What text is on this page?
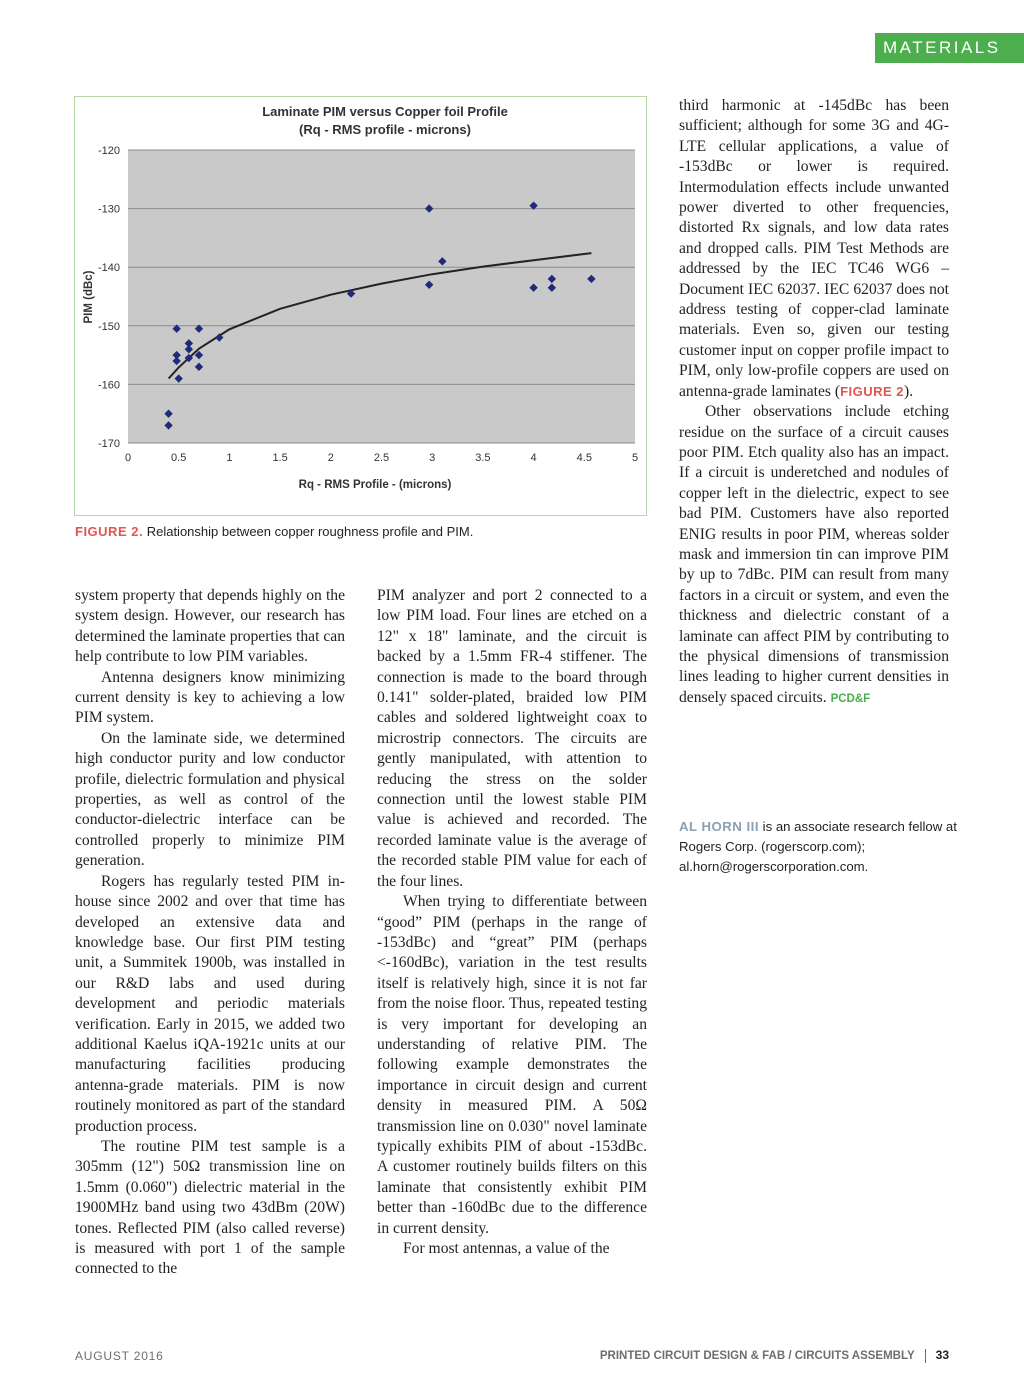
MATERIALS
Laminate PIM versus Copper foil Profile
(Rq - RMS profile - microns)
-120
-130
-140
-150
-160
-170
0	0.5	1	1.5	2	2.5	3	3.5	4	4.5	5
Rq - RMS Profile - (microns)
PIM (dBc)
FIGURE 2. Relationship between copper roughness profile and PIM.

system property that depends highly on the system design. However, our research has determined the laminate properties that can help contribute to low PIM variables.

Antenna designers know minimizing current density is key to achieving a low PIM system.

On the laminate side, we determined high conductor purity and low conductor profile, dielectric formulation and physical properties, as well as control of the conductor-dielectric interface can be controlled properly to minimize PIM generation.

Rogers has regularly tested PIM in-house since 2002 and over that time has developed an extensive data and knowledge base. Our first PIM testing unit, a Summitek 1900b, was installed in our R&D labs and used during development and periodic materials verification. Early in 2015, we added two additional Kaelus iQA-1921c units at our manufacturing facilities producing antenna-grade materials. PIM is now routinely monitored as part of the standard production process.

The routine PIM test sample is a 305mm (12") 50Ω transmission line on 1.5mm (0.060") dielectric material in the 1900MHz band using two 43dBm (20W) tones. Reflected PIM (also called reverse) is measured with port 1 of the sample connected to the

PIM analyzer and port 2 connected to a low PIM load. Four lines are etched on a 12" x 18" laminate, and the circuit is backed by a 1.5mm FR-4 stiffener. The connection is made to the board through 0.141" solder-plated, braided low PIM cables and soldered lightweight coax to microstrip connectors. The circuits are gently manipulated, with attention to reducing the stress on the solder connection until the lowest stable PIM value is achieved and recorded. The recorded laminate value is the average of the recorded stable PIM value for each of the four lines.

When trying to differentiate between “good” PIM (perhaps in the range of -153dBc) and “great” PIM (perhaps <-160dBc), variation in the test results itself is relatively high, since it is not far from the noise floor. Thus, repeated testing is very important for developing an understanding of relative PIM. The following example demonstrates the importance in circuit design and current density in measured PIM. A 50Ω transmission line on 0.030" novel laminate typically exhibits PIM of about -153dBc. A customer routinely builds filters on this laminate that consistently exhibit PIM better than -160dBc due to the difference in current density.

For most antennas, a value of the

third harmonic at -145dBc has been sufficient; although for some 3G and 4G-LTE cellular applications, a value of -153dBc or lower is required. Intermodulation effects include unwanted power diverted to other frequencies, distorted Rx signals, and low data rates and dropped calls. PIM Test Methods are addressed by the IEC TC46 WG6 – Document IEC 62037. IEC 62037 does not address testing of copper-clad laminate materials. Even so, given our testing customer input on copper profile impact to PIM, only low-profile coppers are used on antenna-grade laminates (FIGURE 2).

Other observations include etching residue on the surface of a circuit causes poor PIM. Etch quality also has an impact. If a circuit is underetched and nodules of copper left in the dielectric, expect to see bad PIM. Customers have also reported ENIG results in poor PIM, whereas solder mask and immersion tin can improve PIM by up to 7dBc. PIM can result from many factors in a circuit or system, and even the thickness and dielectric constant of a laminate can affect PIM by contributing to the physical dimensions of transmission lines leading to higher current densities in densely spaced circuits. PCD&F

AL HORN III is an associate research fellow at Rogers Corp. (rogerscorp.com); al.horn@rogerscorporation.com.
AUGUST 2016	PRINTED CIRCUIT DESIGN & FAB / CIRCUITS ASSEMBLY 33
